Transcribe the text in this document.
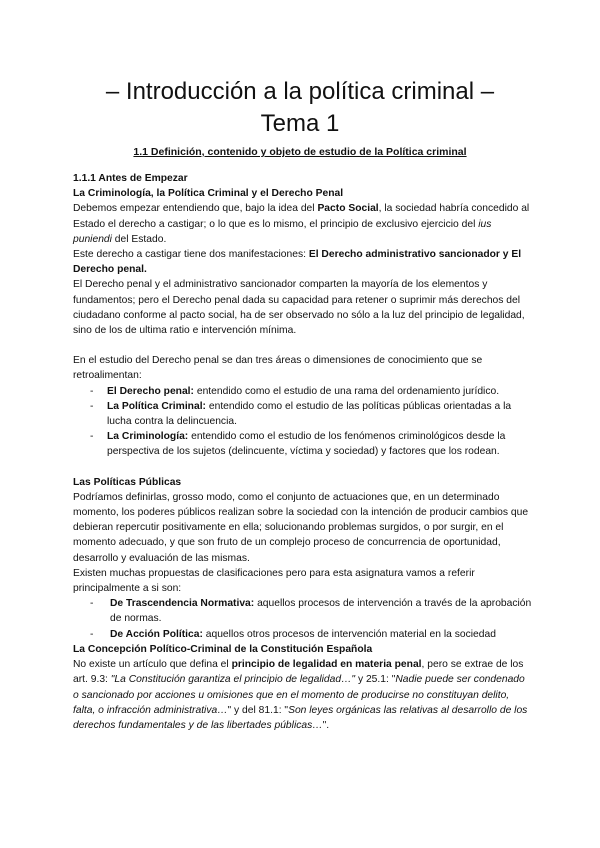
– Introducción a la política criminal –
Tema 1
1.1 Definición, contenido y objeto de estudio de la Política criminal

1.1.1 Antes de Empezar

La Criminología, la Política Criminal y el Derecho Penal

Debemos empezar entendiendo que, bajo la idea del Pacto Social, la sociedad habría concedido al Estado el derecho a castigar; o lo que es lo mismo, el principio de exclusivo ejercicio del ius puniendi del Estado.

Este derecho a castigar tiene dos manifestaciones: El Derecho administrativo sancionador y El Derecho penal.

El Derecho penal y el administrativo sancionador comparten la mayoría de los elementos y fundamentos; pero el Derecho penal dada su capacidad para retener o suprimir más derechos del ciudadano conforme al pacto social, ha de ser observado no sólo a la luz del principio de legalidad, sino de los de ultima ratio e intervención mínima.

En el estudio del Derecho penal se dan tres áreas o dimensiones de conocimiento que se retroalimentan:

- El Derecho penal: entendido como el estudio de una rama del ordenamiento jurídico.

- La Política Criminal: entendido como el estudio de las políticas públicas orientadas a la lucha contra la delincuencia.

- La Criminología: entendido como el estudio de los fenómenos criminológicos desde la perspectiva de los sujetos (delincuente, víctima y sociedad) y factores que los rodean.

Las Políticas Públicas

Podríamos definirlas, grosso modo, como el conjunto de actuaciones que, en un determinado momento, los poderes públicos realizan sobre la sociedad con la intención de producir cambios que debieran repercutir positivamente en ella; solucionando problemas surgidos, o por surgir, en el momento adecuado, y que son fruto de un complejo proceso de concurrencia de oportunidad, desarrollo y evaluación de las mismas.

Existen muchas propuestas de clasificaciones pero para esta asignatura vamos a referir principalmente a si son:

- De Trascendencia Normativa: aquellos procesos de intervención a través de la aprobación de normas.

- De Acción Política: aquellos otros procesos de intervención material en la sociedad

La Concepción Político-Criminal de la Constitución Española

No existe un artículo que defina el principio de legalidad en materia penal, pero se extrae de los art. 9.3: "La Constitución garantiza el principio de legalidad…" y 25.1: "Nadie puede ser condenado o sancionado por acciones u omisiones que en el momento de producirse no constituyan delito, falta, o infracción administrativa…" y del 81.1: "Son leyes orgánicas las relativas al desarrollo de los derechos fundamentales y de las libertades públicas…".
